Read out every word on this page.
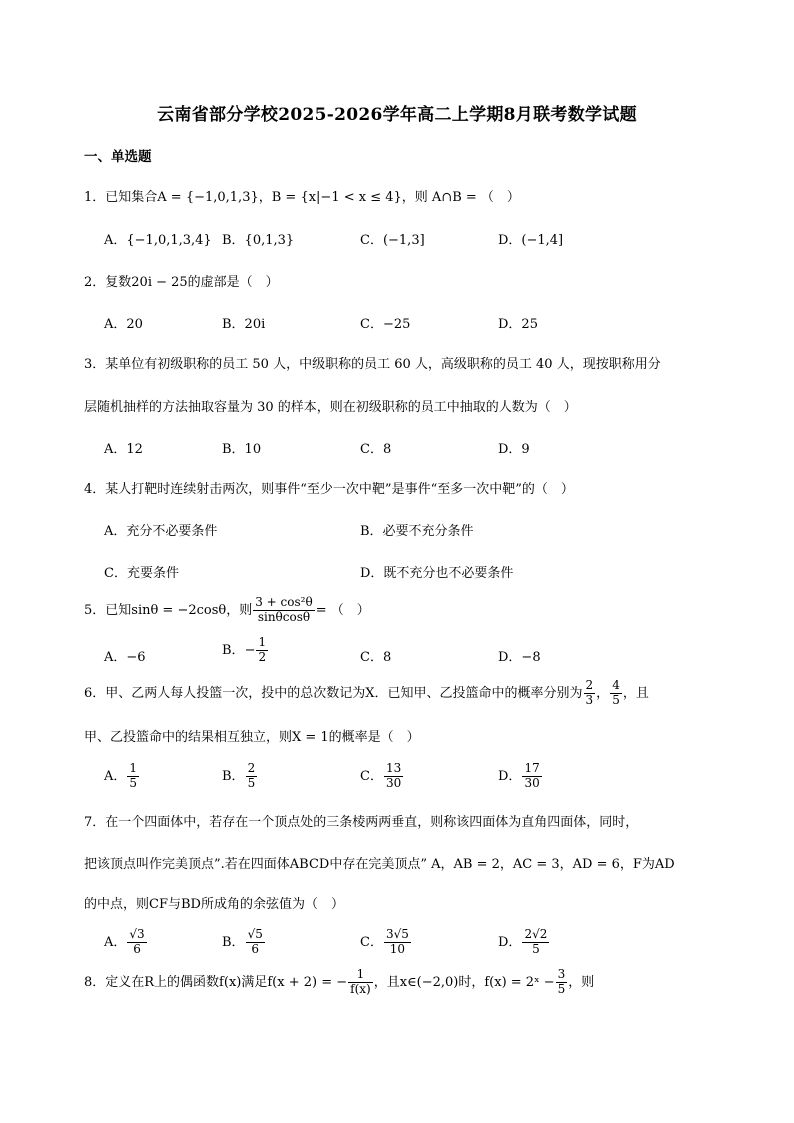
云南省部分学校2025-2026学年高二上学期8月联考数学试题
一、单选题
1．已知集合A = {−1,0,1,3}，B = {x|−1 < x ≤ 4}，则 A∩B = （　）
A．{−1,0,1,3,4} B．{0,1,3}	C．(−1,3]	D．(−1,4]
2．复数20i − 25的虚部是（　）
A．20	B．20i	C．−25	D．25
3．某单位有初级职称的员工 50 人，中级职称的员工 60 人，高级职称的员工 40 人，现按职称用分
层随机抽样的方法抽取容量为 30 的样本，则在初级职称的员工中抽取的人数为（　）
A．12	B．10	C．8	D．9
4．某人打靶时连续射击两次，则事件“至少一次中靶”是事件“至多一次中靶”的（　）
A．充分不必要条件	B．必要不充分条件
C．充要条件	D．既不充分也不必要条件
5．已知sinθ = −2cosθ，则 $\frac{\text{3 + cos²θ}}{\sin\theta\cos\theta}$ = （　）
A．−6	B．− $\frac{1}{2}$	C．8	D．−8
6．甲、乙两人每人投篮一次，投中的总次数记为X．已知甲、乙投篮命中的概率分别为 $\frac{2}{3}$ ， $\frac{4}{5}$ ，且
甲、乙投篮命中的结果相互独立，则X = 1的概率是（　）
A． $\frac{1}{5}$	B． $\frac{2}{5}$	C． $\frac{13}{30}$	D． $\frac{17}{30}$
7．在一个四面体中，若存在一个顶点处的三条棱两两垂直，则称该四面体为直角四面体，同时，
把该顶点叫作完美顶点”.若在四面体ABCD中存在完美顶点” A，AB = 2，AC = 3，AD = 6，F为AD
的中点，则CF与BD所成角的余弦值为（　）
A． $\frac{√3}{6}$	B． $\frac{√5}{6}$	C． $\frac{3√5}{10}$	D． $\frac{2√2}{5}$
8．定义在R上的偶函数f(x)满足f(x + 2) = − $\frac{1}{f(x)}$ ，且x∈(−2,0)时，f(x) = 2ˣ − $\frac{3}{5}$ ，则
